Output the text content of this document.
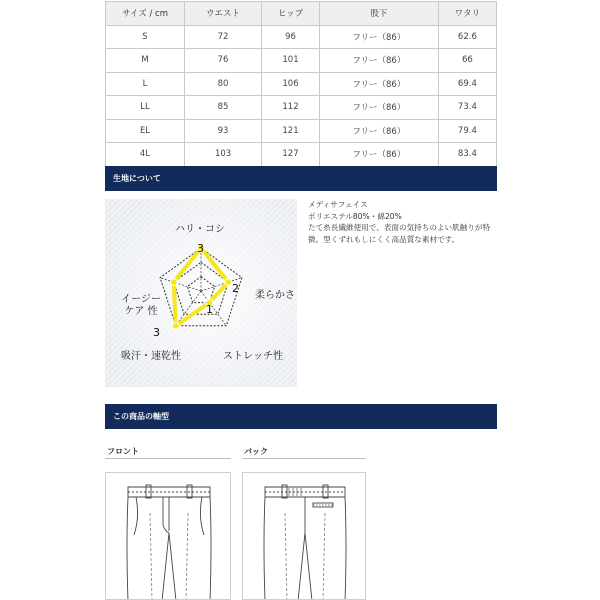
サイズ / cm	ウエスト	ヒップ	股下	ワタリ
S	72	96	フリー（86）	62.6
M	76	101	フリー（86）	66
L	80	106	フリー（86）	69.4
LL	85	112	フリー（86）	73.4
EL	93	121	フリー（86）	79.4
4L	103	127	フリー（86）	83.4
生地について
3
2
1
3
ハリ・コシ
柔らかさ
ストレッチ性
吸汗・速乾性
イージー
ケア 性
メディサフェイス
ポリエステル80%・綿20%
たて糸長繊維使用で、表面の気持ちのよい肌触りが特徴。型くずれもしにくく高品質な素材です。
この商品の軸型
フロント	バック
